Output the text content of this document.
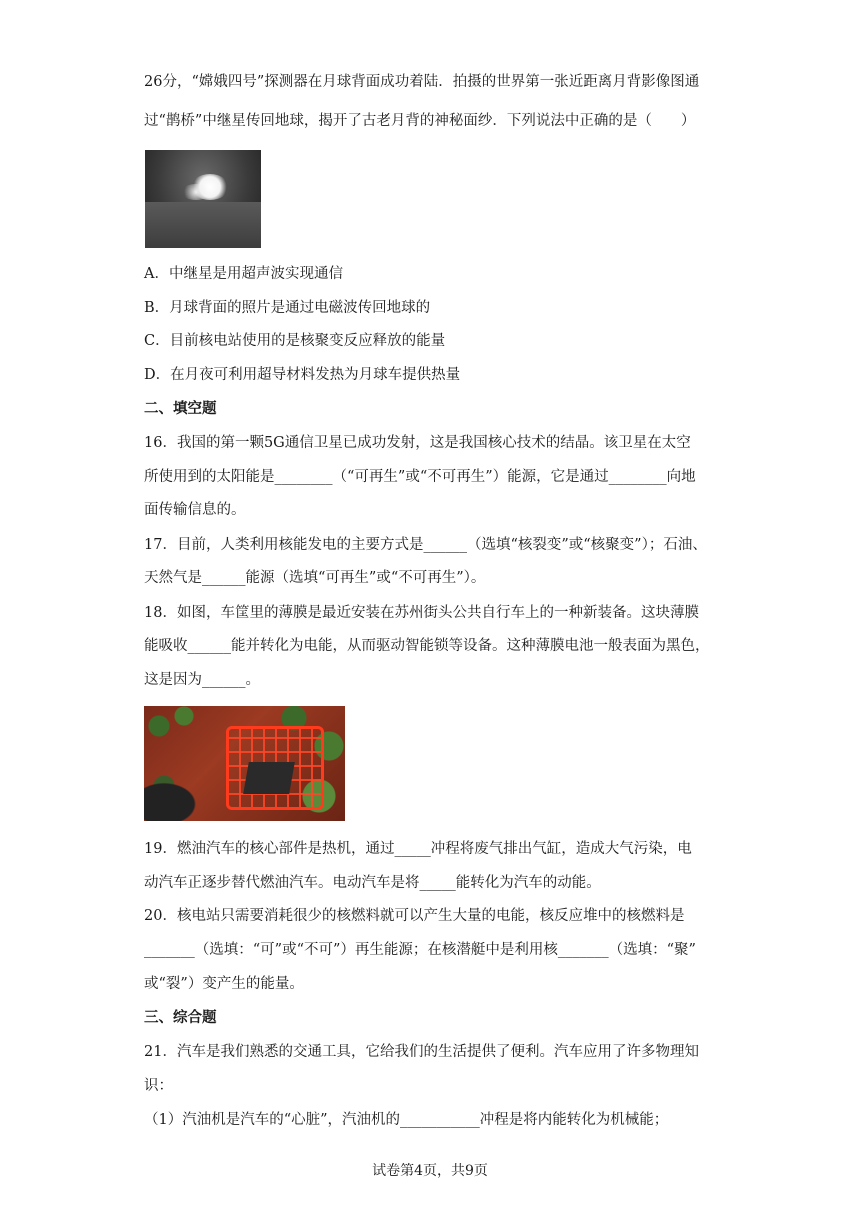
26分，“嫦娥四号”探测器在月球背面成功着陆．拍摄的世界第一张近距离月背影像图通
过“鹊桥”中继星传回地球，揭开了古老月背的神秘面纱．下列说法中正确的是（　　）
A．中继星是用超声波实现通信
B．月球背面的照片是通过电磁波传回地球的
C．目前核电站使用的是核聚变反应释放的能量
D．在月夜可利用超导材料发热为月球车提供热量
二、填空题
16．我国的第一颗5G通信卫星已成功发射，这是我国核心技术的结晶。该卫星在太空
所使用到的太阳能是________（“可再生”或“不可再生”）能源，它是通过________向地
面传输信息的。
17．目前，人类利用核能发电的主要方式是______（选填“核裂变”或“核聚变”）；石油、
天然气是______能源（选填“可再生”或“不可再生”）。
18．如图，车筐里的薄膜是最近安装在苏州街头公共自行车上的一种新装备。这块薄膜
能吸收______能并转化为电能，从而驱动智能锁等设备。这种薄膜电池一般表面为黑色，
这是因为______。
19．燃油汽车的核心部件是热机，通过_____冲程将废气排出气缸，造成大气污染，电
动汽车正逐步替代燃油汽车。电动汽车是将_____能转化为汽车的动能。
20．核电站只需要消耗很少的核燃料就可以产生大量的电能，核反应堆中的核燃料是
_______（选填：“可”或“不可”）再生能源；在核潜艇中是利用核_______（选填：“聚”
或“裂”）变产生的能量。
三、综合题
21．汽车是我们熟悉的交通工具，它给我们的生活提供了便利。汽车应用了许多物理知
识：
（1）汽油机是汽车的“心脏”，汽油机的___________冲程是将内能转化为机械能；
试卷第4页，共9页
